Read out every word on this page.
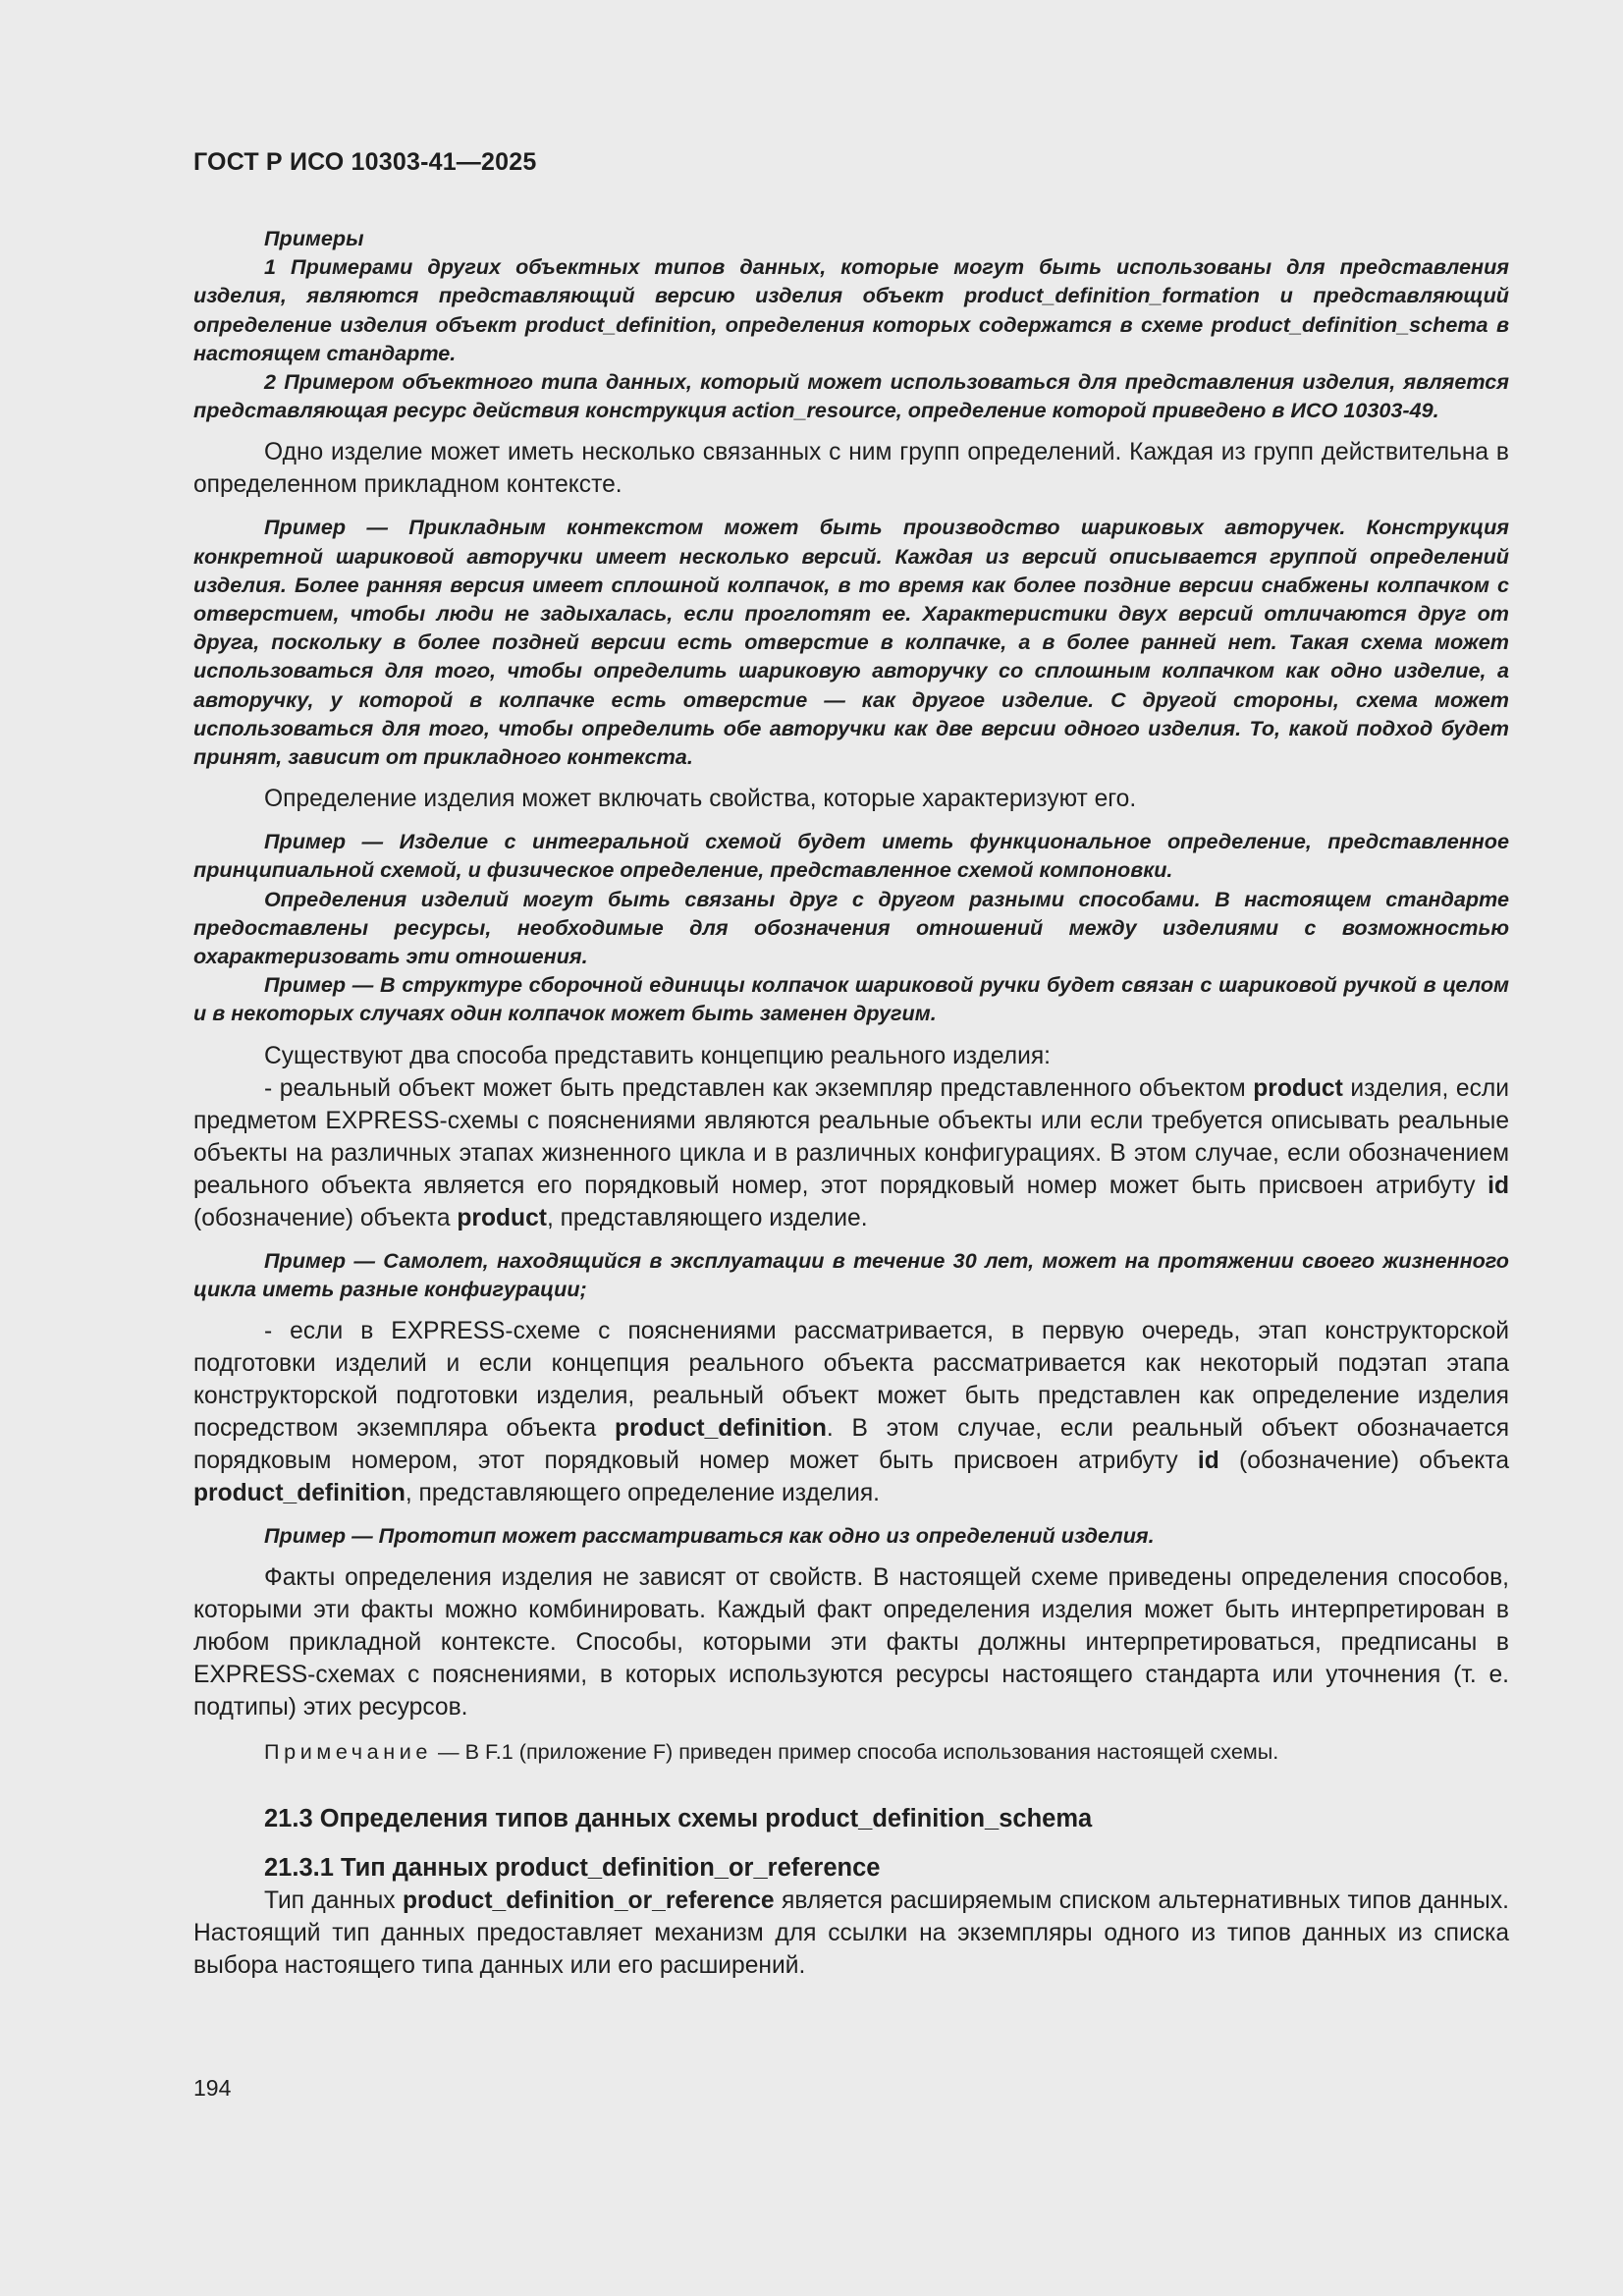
ГОСТ Р ИСО 10303-41—2025

Примеры

1 Примерами других объектных типов данных, которые могут быть использованы для представления изделия, являются представляющий версию изделия объект product_definition_formation и представляющий определение изделия объект product_definition, определения которых содержатся в схеме product_definition_schema в настоящем стандарте.

2 Примером объектного типа данных, который может использоваться для представления изделия, является представляющая ресурс действия конструкция action_resource, определение которой приведено в ИСО 10303-49.

Одно изделие может иметь несколько связанных с ним групп определений. Каждая из групп действительна в определенном прикладном контексте.

Пример — Прикладным контекстом может быть производство шариковых авторучек. Конструкция конкретной шариковой авторучки имеет несколько версий. Каждая из версий описывается группой определений изделия. Более ранняя версия имеет сплошной колпачок, в то время как более поздние версии снабжены колпачком с отверстием, чтобы люди не задыхалась, если проглотят ее. Характеристики двух версий отличаются друг от друга, поскольку в более поздней версии есть отверстие в колпачке, а в более ранней нет. Такая схема может использоваться для того, чтобы определить шариковую авторучку со сплошным колпачком как одно изделие, а авторучку, у которой в колпачке есть отверстие — как другое изделие. С другой стороны, схема может использоваться для того, чтобы определить обе авторучки как две версии одного изделия. То, какой подход будет принят, зависит от прикладного контекста.

Определение изделия может включать свойства, которые характеризуют его.

Пример — Изделие с интегральной схемой будет иметь функциональное определение, представленное принципиальной схемой, и физическое определение, представленное схемой компоновки.

Определения изделий могут быть связаны друг с другом разными способами. В настоящем стандарте предоставлены ресурсы, необходимые для обозначения отношений между изделиями с возможностью охарактеризовать эти отношения.

Пример — В структуре сборочной единицы колпачок шариковой ручки будет связан с шариковой ручкой в целом и в некоторых случаях один колпачок может быть заменен другим.

Существуют два способа представить концепцию реального изделия:

- реальный объект может быть представлен как экземпляр представленного объектом product изделия, если предметом EXPRESS-схемы с пояснениями являются реальные объекты или если требуется описывать реальные объекты на различных этапах жизненного цикла и в различных конфигурациях. В этом случае, если обозначением реального объекта является его порядковый номер, этот порядковый номер может быть присвоен атрибуту id (обозначение) объекта product, представляющего изделие.

Пример — Самолет, находящийся в эксплуатации в течение 30 лет, может на протяжении своего жизненного цикла иметь разные конфигурации;

- если в EXPRESS-схеме с пояснениями рассматривается, в первую очередь, этап конструкторской подготовки изделий и если концепция реального объекта рассматривается как некоторый подэтап этапа конструкторской подготовки изделия, реальный объект может быть представлен как определение изделия посредством экземпляра объекта product_definition. В этом случае, если реальный объект обозначается порядковым номером, этот порядковый номер может быть присвоен атрибуту id (обозначение) объекта product_definition, представляющего определение изделия.

Пример — Прототип может рассматриваться как одно из определений изделия.

Факты определения изделия не зависят от свойств. В настоящей схеме приведены определения способов, которыми эти факты можно комбинировать. Каждый факт определения изделия может быть интерпретирован в любом прикладной контексте. Способы, которыми эти факты должны интерпретироваться, предписаны в EXPRESS-схемах с пояснениями, в которых используются ресурсы настоящего стандарта или уточнения (т. е. подтипы) этих ресурсов.

Примечание — В F.1 (приложение F) приведен пример способа использования настоящей схемы.

21.3 Определения типов данных схемы product_definition_schema

21.3.1 Тип данных product_definition_or_reference

Тип данных product_definition_or_reference является расширяемым списком альтернативных типов данных. Настоящий тип данных предоставляет механизм для ссылки на экземпляры одного из типов данных из списка выбора настоящего типа данных или его расширений.

194
